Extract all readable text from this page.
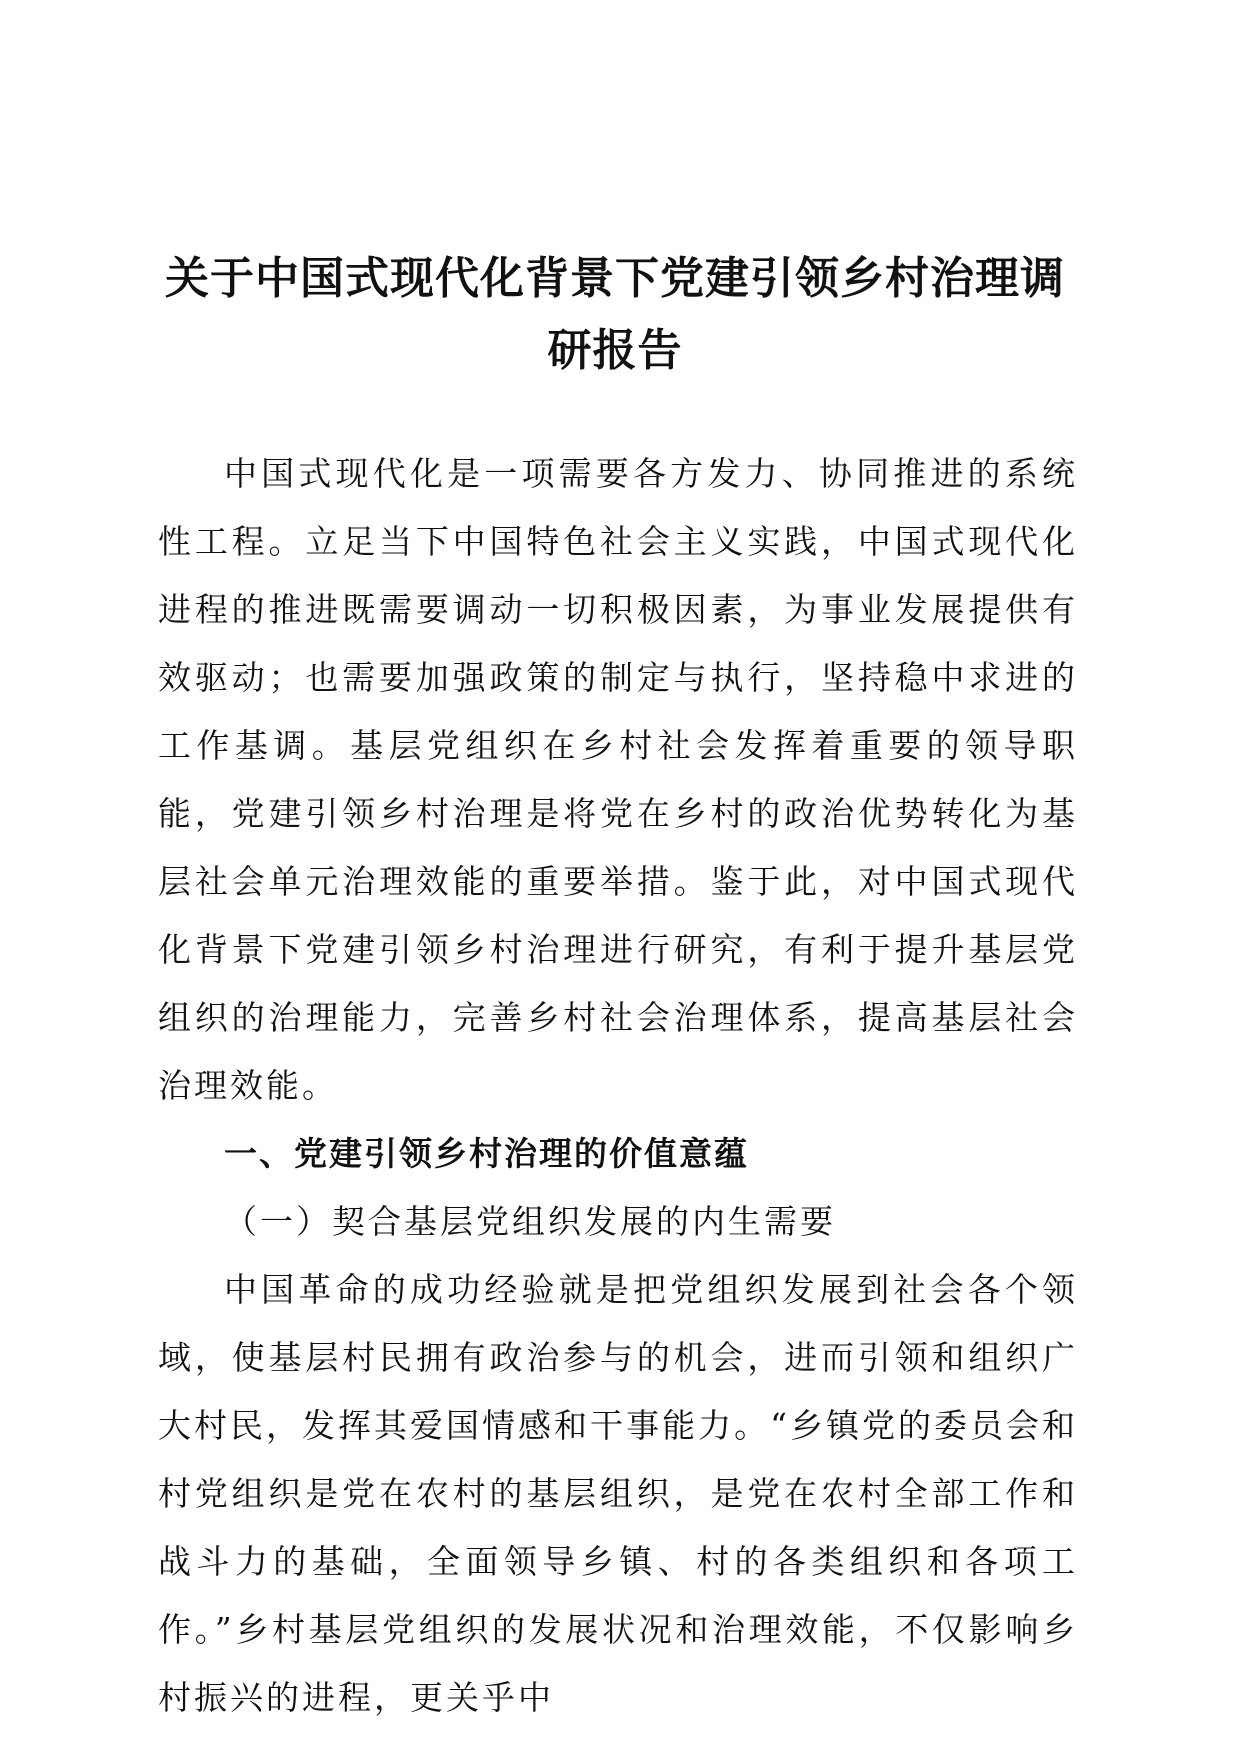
关于中国式现代化背景下党建引领乡村治理调研报告

中国式现代化是一项需要各方发力、协同推进的系统性工程。立足当下中国特色社会主义实践，中国式现代化进程的推进既需要调动一切积极因素，为事业发展提供有效驱动；也需要加强政策的制定与执行，坚持稳中求进的工作基调。基层党组织在乡村社会发挥着重要的领导职能，党建引领乡村治理是将党在乡村的政治优势转化为基层社会单元治理效能的重要举措。鉴于此，对中国式现代化背景下党建引领乡村治理进行研究，有利于提升基层党组织的治理能力，完善乡村社会治理体系，提高基层社会治理效能。

一、党建引领乡村治理的价值意蕴

（一）契合基层党组织发展的内生需要

中国革命的成功经验就是把党组织发展到社会各个领域，使基层村民拥有政治参与的机会，进而引领和组织广大村民，发挥其爱国情感和干事能力。“乡镇党的委员会和村党组织是党在农村的基层组织，是党在农村全部工作和战斗力的基础，全面领导乡镇、村的各类组织和各项工作。”乡村基层党组织的发展状况和治理效能，不仅影响乡村振兴的进程，更关乎中
